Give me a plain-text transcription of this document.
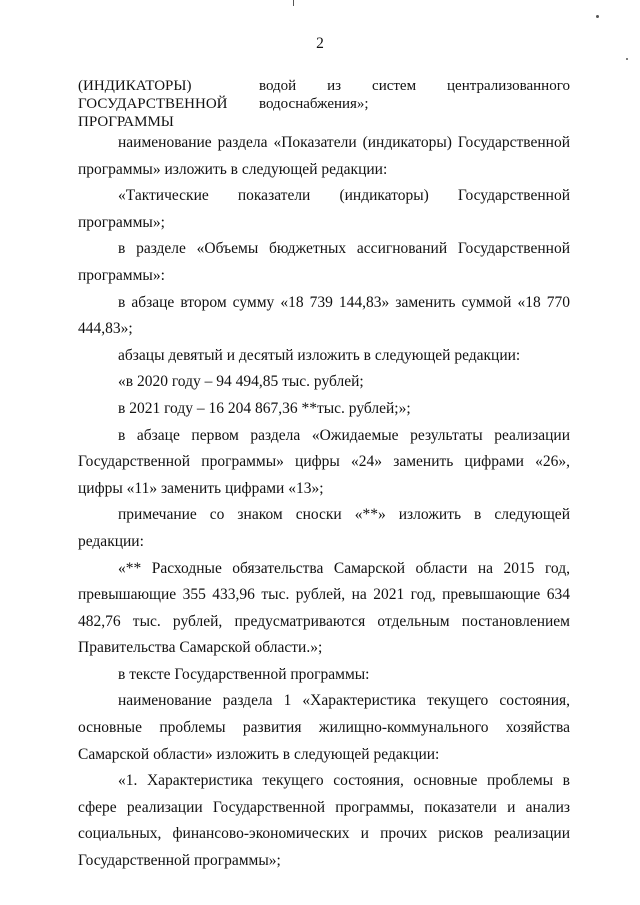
2
(ИНДИКАТОРЫ)
ГОСУДАРСТВЕННОЙ
ПРОГРАММЫ
водой из систем централизованного
водоснабжения»;

наименование раздела «Показатели (индикаторы) Государственной программы» изложить в следующей редакции:

«Тактические показатели (индикаторы) Государственной программы»;

в разделе «Объемы бюджетных ассигнований Государственной программы»:

в абзаце втором сумму «18 739 144,83» заменить суммой «18 770 444,83»;

абзацы девятый и десятый изложить в следующей редакции:

«в 2020 году – 94 494,85 тыс. рублей;

в 2021 году – 16 204 867,36 **тыс. рублей;»;

в абзаце первом раздела «Ожидаемые результаты реализации Государственной программы» цифры «24» заменить цифрами «26», цифры «11» заменить цифрами «13»;

примечание со знаком сноски «**» изложить в следующей редакции:

«** Расходные обязательства Самарской области на 2015 год, превышающие 355 433,96 тыс. рублей, на 2021 год, превышающие 634 482,76 тыс. рублей, предусматриваются отдельным постановлением Правительства Самарской области.»;

в тексте Государственной программы:

наименование раздела 1 «Характеристика текущего состояния, основные проблемы развития жилищно-коммунального хозяйства Самарской области» изложить в следующей редакции:

«1. Характеристика текущего состояния, основные проблемы в сфере реализации Государственной программы, показатели и анализ социальных, финансово-экономических и прочих рисков реализации Государственной программы»;
